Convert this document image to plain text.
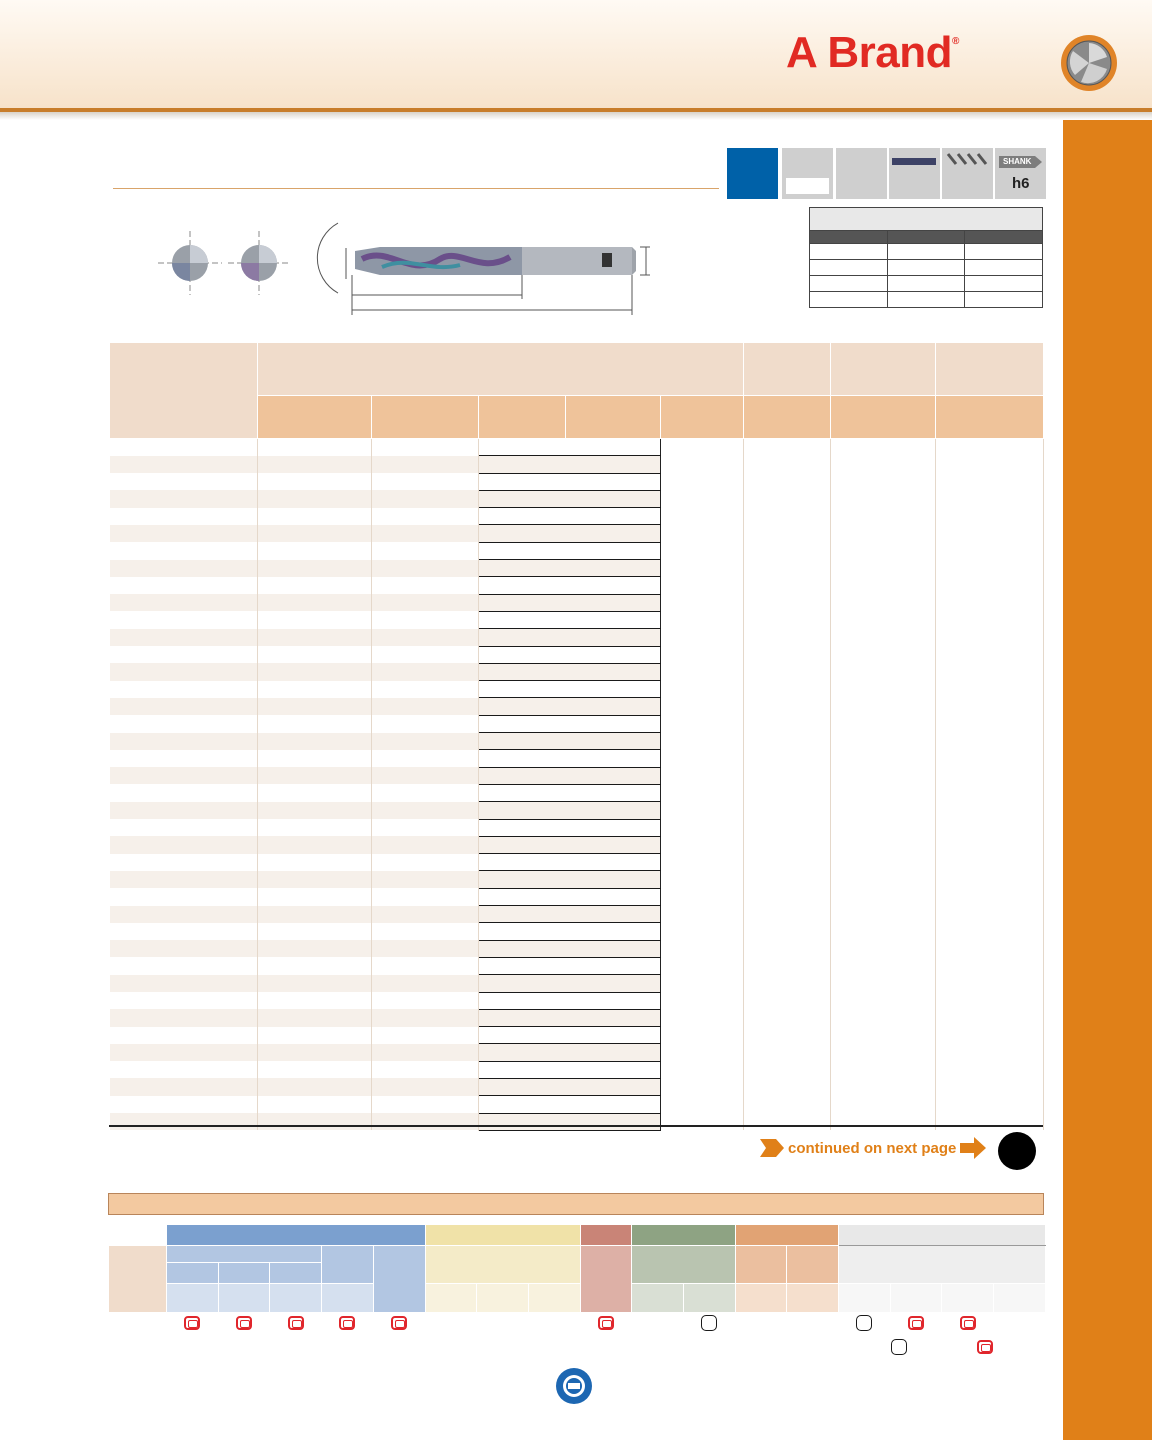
A Brand®
SHANK
h6

continued on next page
